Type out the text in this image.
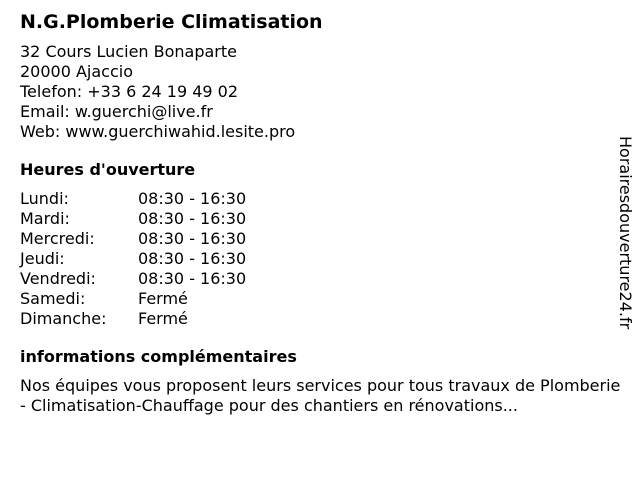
N.G.Plomberie Climatisation
32 Cours Lucien Bonaparte
20000 Ajaccio
Telefon: +33 6 24 19 49 02
Email: w.guerchi@live.fr
Web: www.guerchiwahid.lesite.pro
Heures d'ouverture
Lundi:	08:30 - 16:30
Mardi:	08:30 - 16:30
Mercredi:	08:30 - 16:30
Jeudi:	08:30 - 16:30
Vendredi:	08:30 - 16:30
Samedi:	Fermé
Dimanche:	Fermé
informations complémentaires
Nos équipes vous proposent leurs services pour tous travaux de Plomberie - Climatisation-Chauffage pour des chantiers en rénovations...
Horairesdouverture24.fr
